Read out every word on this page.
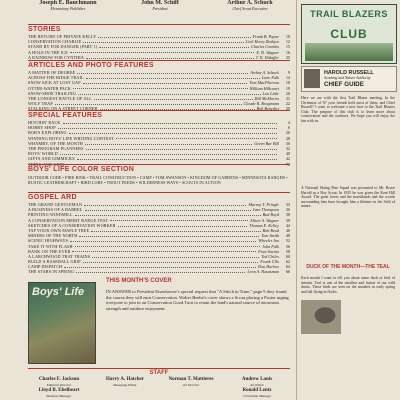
Joseph E. Bauchmann
Elementary Publisher
John M. Schiff
President
Arthur A. Schuck
Chief Scout Executive
STORIES
THE RETURN OF PRIVATE KELLY	Frank B. Payne	10
CONSERVATION CHARLIE	Carl Henry Rathjen	12
STAND BY FOR DANGER (PART 1)	Charles Coombs	15
A HOLE IN THE ICE	E. D. Wagner	16
A RAINBOW FOR CYNTHIA	T. K. Hidaffer	25
ARTICLES AND PHOTO FEATURES
A MATTER OF DEGREE	Arthur A. Schuck	9
ACROSS THE RIDGE TRAIL	Lane Falk	14
SNOW SICK AT LOST GAP	Tom MacPherson	18
OTTER-WATER PACK	William Hillcourt	19
SNOW-SHOE TRAILING	Lou Little	20
THE LONGEST RATTLE OF ALL	Bill McMorris	21
WOLF TRAP	Claude R. Bragmann	22
STALKING ON A STREET CORNER	Bob Benedict	29
SPECIAL FEATURES
HITCHIN' RACK	4
HOBBY SHOP	6
BOB'S EXPLORING	26
WINNING BOYS' LIFE WRITING CONTEST	28
WHAMBY, OF THE MONTH	Green Bar Bill	30
THE PROGRAM PLANNERS	32
BOYS' WORLD	40
GIFTS AND GIMMICKS	42
THINK AND GRIN	70
BOYS' LIFE COLOR SECTION
OUTDOOR CODE • FIRE RINK • TRAIL CONSTRUCTION • CAMP • TOM SWANSON • KINGDOM OF GARDENS • MINNESOTA RANGER • RUSTIC LEATHERCRAFT • BIRD LORE • TROUT FEEDS • WILDERNESS WAYS • SCOUTS IN ACTION
GOSPEL ARD
THE GRAND GENTLEMAN	Murray T. Pringle	33
A BUSINESS OF A BARREL	Ivan Thompson	36
PRINTING WINDMILL	Bud Boyd	38
A CONSERVATION MERIT BADGE TEST	Albert A. Wagner	39
SKETCHES OF A CONSERVATION WORKER	Thomas E. Kelley	44
TAP YOUR OWN MAPLE TREE	Bob Bead	46
MINERS OF THE NORTH	Tom Smith	48
SCENIC HIGHWAYS	Wheeler Inn	52
TAKE IT WITH FLASH	John Falk	56
BANK ON THE EVER	Fran Savino	58
A LARCHWOOD THAT TRAINS	Ted Chiles	60
BUILD A BASEBALL GRIP	Frank Ullo	62
CAMP DISPATCH	Don Harlow	64
THE STARS IN SPRING	Leon A. Haussman	66
Boys' Life
THIS MONTH'S COVER
IN ANSWER to President Eisenhower's special request that "A Stitch in Time," page 9 they found the course they will earn Conservation. Walter Beebe's cover shows a Scout placing a Poster urging everyone to join in on Conservation Good Turn to retain the land's natural source of enormous strength and outdoor enjoyment.
STAFF
Charles F. Jackson
Editorial Director
Harry A. Hatcher
Managing Editor
Norman T. Mattieres
Art Director
Andrew Lanis
Art Editor
Lloyd B. Ebelheart
Business Manager
Ronald Lentz
Circulation Manager
TRAIL BLAZERS
CLUB
HAROLD RUSSELL
Scouting and Nature Authority
CHIEF GUIDE
Here we are with the first Trail Blazer meeting. In the Christmas of '67 your friends hold most of them, and Chief Russell? I want to welcome a new face to the Trail Blazers Club. The purpose of this club is to learn more about conservation and the outdoors. We hope you will enjoy the fun with us.
A National Skiing Pine Squad was presented to Mr. Bruce Harold as a Boy Scout. In 1955 he was given the Kent Hill Award. The great forest and the marshlands and the woods surrounding him have brought him a lifetime in the field of nature.
DUCK OF THE MONTH—THE TEAL
Each month I want to tell you about some duck or bird of interest. Teal is one of the smallest and fastest of our wild ducks. These birds are seen on the marshes in early spring and fall flying in flocks.
